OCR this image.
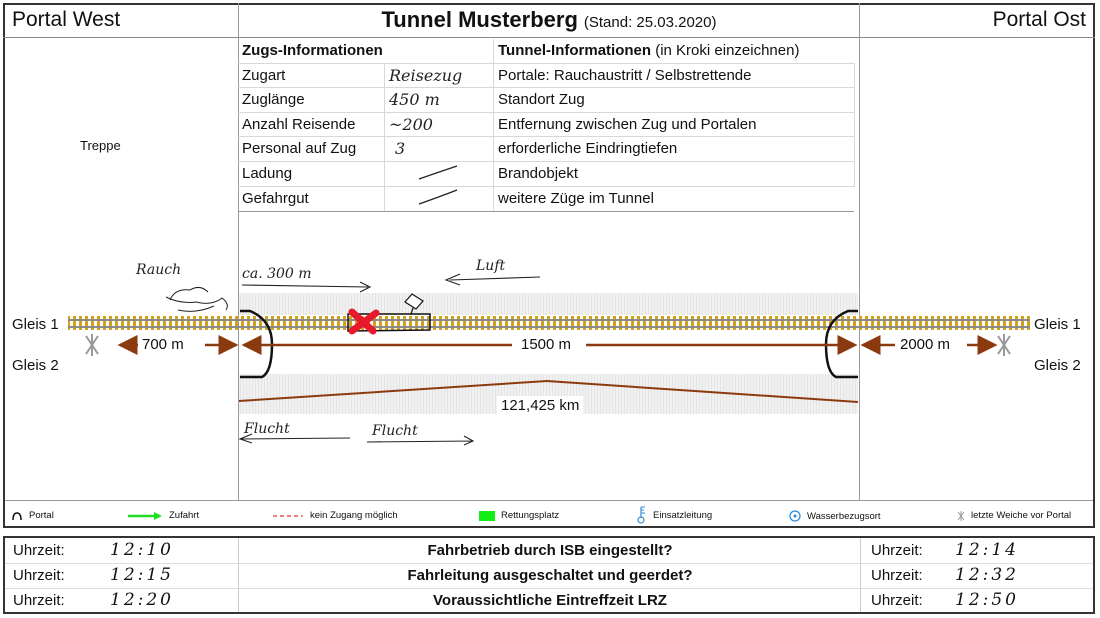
Portal West	Tunnel Musterberg (Stand: 25.03.2020)	Portal Ost
Zugs-Informationen		Tunnel-Informationen (in Kroki einzeichnen)
Zugart	Reisezug	Portale: Rauchaustritt / Selbstrettende
Zuglänge	450 m	Standort Zug
Anzahl Reisende	~200	Entfernung zwischen Zug und Portalen
Personal auf Zug	3	erforderliche Eindringtiefen
Ladung		Brandobjekt
Gefahrgut		weitere Züge im Tunnel
Treppe
Gleis 1
Gleis 2
Gleis 1
Gleis 2
700 m	1500 m	2000 m
121,425 km
Rauch	ca. 300 m	Luft
Flucht	Flucht
Portal	Zufahrt	kein Zugang möglich	Rettungsplatz	Einsatzleitung	Wasserbezugsort	letzte Weiche vor Portal
Uhrzeit:	12:10	Fahrbetrieb durch ISB eingestellt?	Uhrzeit: 12:14
Uhrzeit:	12:15	Fahrleitung ausgeschaltet und geerdet?	Uhrzeit: 12:32
Uhrzeit:	12:20	Voraussichtliche Eintreffzeit LRZ	Uhrzeit: 12:50
